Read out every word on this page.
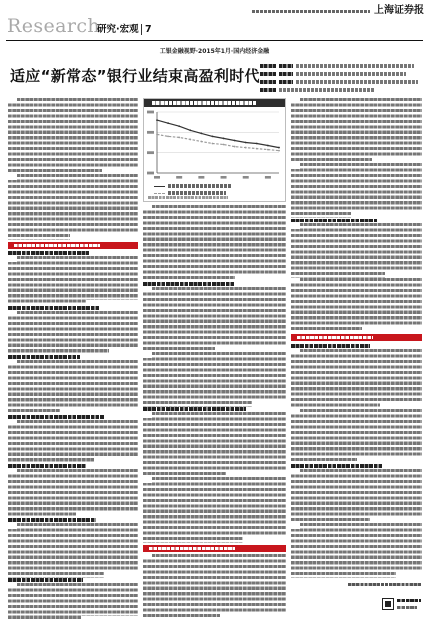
Research
研究·宏观 7
上海证券报
工银金融视野·2015年1月·国内经济金融
适应“新常态”银行业结束高盈利时代
